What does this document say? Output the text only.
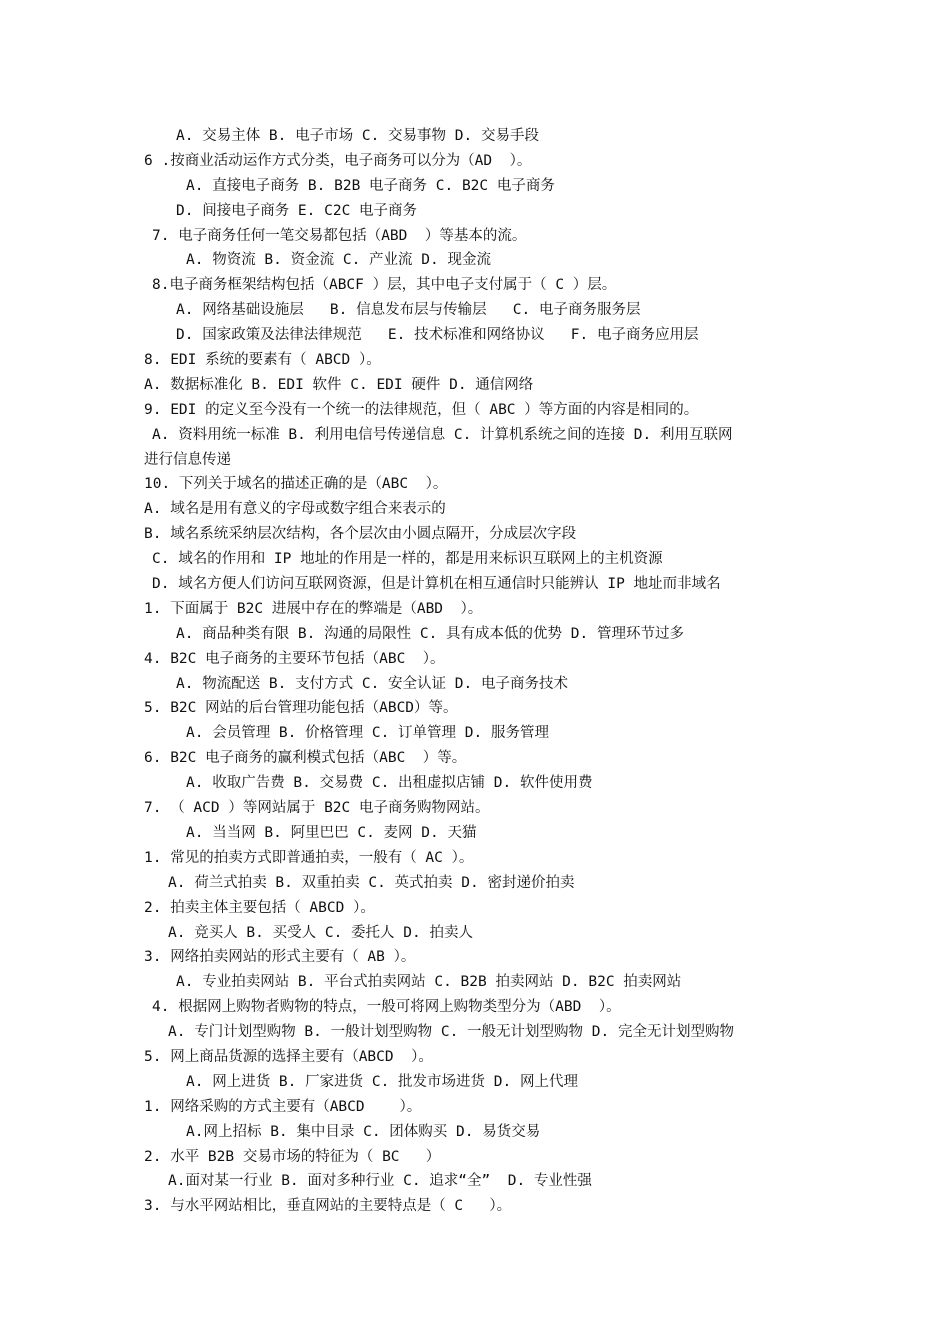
A. 交易主体 B. 电子市场 C. 交易事物 D. 交易手段
6 .按商业活动运作方式分类，电子商务可以分为（AD  ）。
A. 直接电子商务 B. B2B 电子商务 C. B2C 电子商务
D. 间接电子商务 E. C2C 电子商务
7. 电子商务任何一笔交易都包括（ABD  ）等基本的流。
A. 物资流 B. 资金流 C. 产业流 D. 现金流
8.电子商务框架结构包括（ABCF ）层，其中电子支付属于（ C ）层。
A. 网络基础设施层   B. 信息发布层与传输层   C. 电子商务服务层
D. 国家政策及法律法律规范   E. 技术标准和网络协议   F. 电子商务应用层
8. EDI 系统的要素有（ ABCD ）。
A. 数据标准化 B. EDI 软件 C. EDI 硬件 D. 通信网络
9. EDI 的定义至今没有一个统一的法律规范，但（ ABC ）等方面的内容是相同的。
A. 资料用统一标准 B. 利用电信号传递信息 C. 计算机系统之间的连接 D. 利用互联网
进行信息传递
10. 下列关于域名的描述正确的是（ABC  ）。
A. 域名是用有意义的字母或数字组合来表示的
B. 域名系统采纳层次结构，各个层次由小圆点隔开，分成层次字段
C. 域名的作用和 IP 地址的作用是一样的，都是用来标识互联网上的主机资源
D. 域名方便人们访问互联网资源，但是计算机在相互通信时只能辨认 IP 地址而非域名
1. 下面属于 B2C 进展中存在的弊端是（ABD  ）。
A. 商品种类有限 B. 沟通的局限性 C. 具有成本低的优势 D. 管理环节过多
4. B2C 电子商务的主要环节包括（ABC  ）。
A. 物流配送 B. 支付方式 C. 安全认证 D. 电子商务技术
5. B2C 网站的后台管理功能包括（ABCD）等。
A. 会员管理 B. 价格管理 C. 订单管理 D. 服务管理
6. B2C 电子商务的赢利模式包括（ABC  ）等。
A. 收取广告费 B. 交易费 C. 出租虚拟店铺 D. 软件使用费
7. （ ACD ）等网站属于 B2C 电子商务购物网站。
A. 当当网 B. 阿里巴巴 C. 麦网 D. 天猫
1. 常见的拍卖方式即普通拍卖，一般有（ AC ）。
A. 荷兰式拍卖 B. 双重拍卖 C. 英式拍卖 D. 密封递价拍卖
2. 拍卖主体主要包括（ ABCD ）。
A. 竞买人 B. 买受人 C. 委托人 D. 拍卖人
3. 网络拍卖网站的形式主要有（ AB ）。
A. 专业拍卖网站 B. 平台式拍卖网站 C. B2B 拍卖网站 D. B2C 拍卖网站
4. 根据网上购物者购物的特点，一般可将网上购物类型分为（ABD  ）。
A. 专门计划型购物 B. 一般计划型购物 C. 一般无计划型购物 D. 完全无计划型购物
5. 网上商品货源的选择主要有（ABCD  ）。
A. 网上进货 B. 厂家进货 C. 批发市场进货 D. 网上代理
1. 网络采购的方式主要有（ABCD    ）。
A.网上招标 B. 集中目录 C. 团体购买 D. 易货交易
2. 水平 B2B 交易市场的特征为（ BC   ）
A.面对某一行业 B. 面对多种行业 C. 追求“全”  D. 专业性强
3. 与水平网站相比，垂直网站的主要特点是（ C   ）。
